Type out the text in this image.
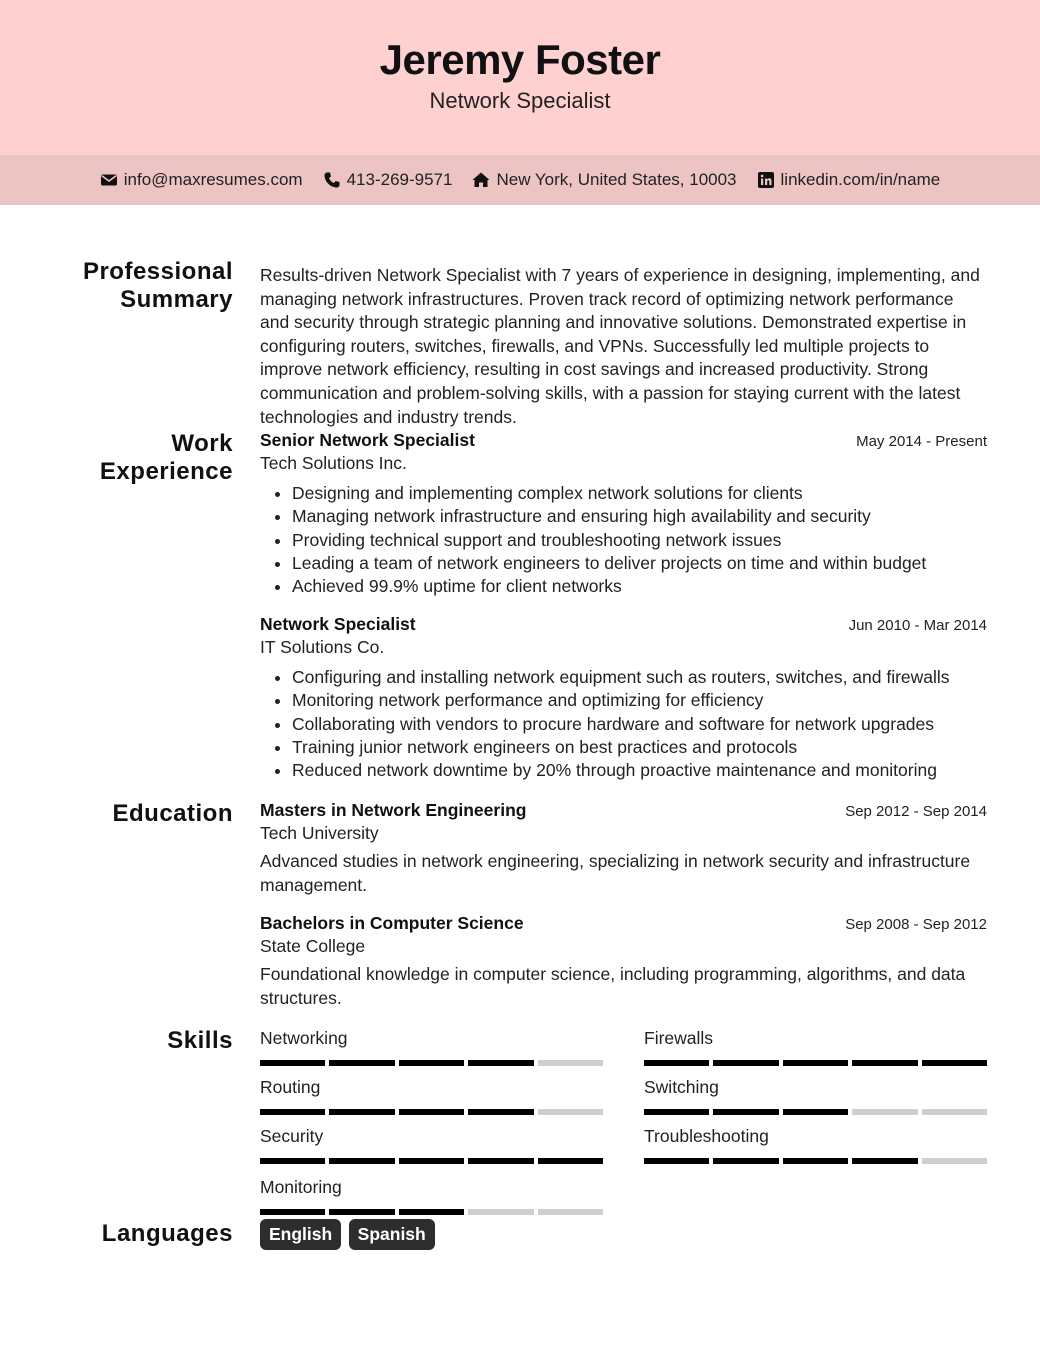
Jeremy Foster
Network Specialist
info@maxresumes.com	413-269-9571	New York, United States, 10003	linkedin.com/in/name
Professional Summary
Results-driven Network Specialist with 7 years of experience in designing, implementing, and managing network infrastructures. Proven track record of optimizing network performance and security through strategic planning and innovative solutions. Demonstrated expertise in configuring routers, switches, firewalls, and VPNs. Successfully led multiple projects to improve network efficiency, resulting in cost savings and increased productivity. Strong communication and problem-solving skills, with a passion for staying current with the latest technologies and industry trends.
Work Experience
Senior Network Specialist	May 2014 - Present
Tech Solutions Inc.
• Designing and implementing complex network solutions for clients
• Managing network infrastructure and ensuring high availability and security
• Providing technical support and troubleshooting network issues
• Leading a team of network engineers to deliver projects on time and within budget
• Achieved 99.9% uptime for client networks
Network Specialist	Jun 2010 - Mar 2014
IT Solutions Co.
• Configuring and installing network equipment such as routers, switches, and firewalls
• Monitoring network performance and optimizing for efficiency
• Collaborating with vendors to procure hardware and software for network upgrades
• Training junior network engineers on best practices and protocols
• Reduced network downtime by 20% through proactive maintenance and monitoring
Education Masters in Network Engineering	Sep 2012 - Sep 2014
Tech University
Advanced studies in network engineering, specializing in network security and infrastructure management.
Bachelors in Computer Science	Sep 2008 - Sep 2012
State College
Foundational knowledge in computer science, including programming, algorithms, and data structures.
Skills Networking	Firewalls
Routing	Switching
Security	Troubleshooting
Monitoring
Languages	English Spanish
